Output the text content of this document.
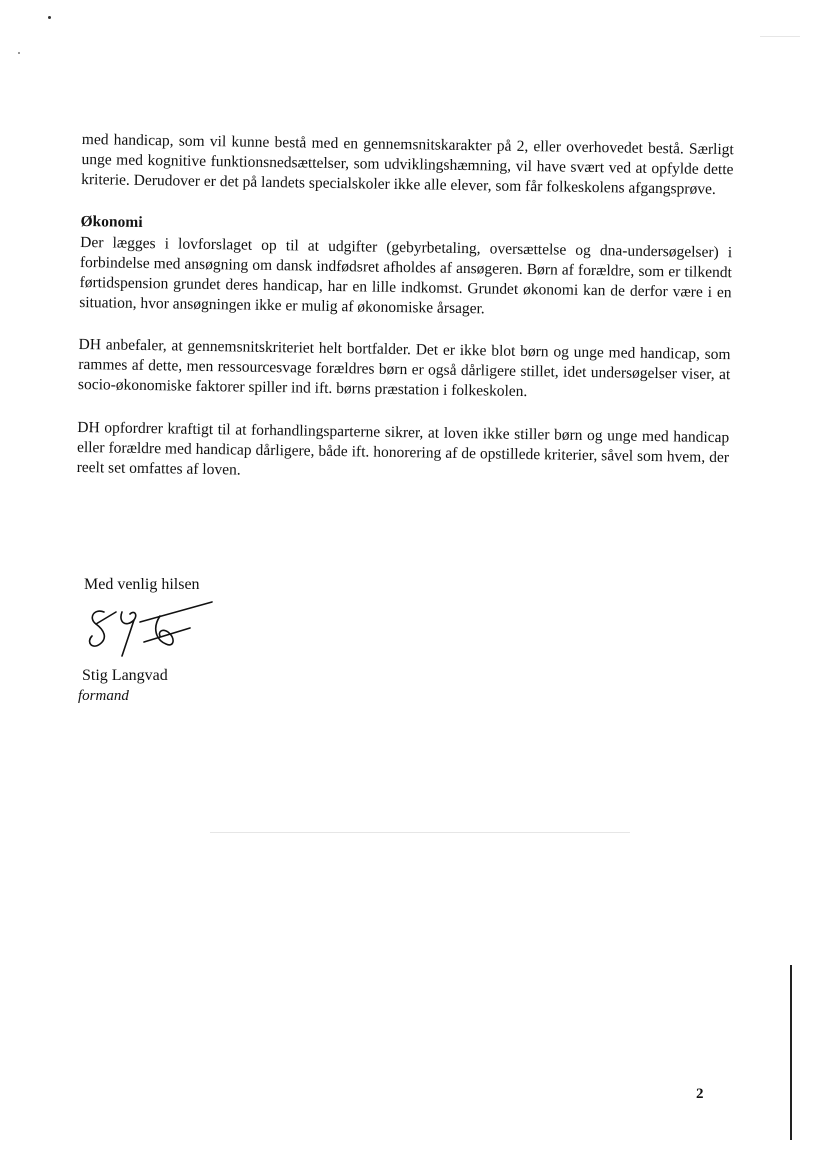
med handicap, som vil kunne bestå med en gennemsnitskarakter på 2, eller overhovedet bestå. Særligt unge med kognitive funktionsnedsættelser, som udviklingshæmning, vil have svært ved at opfylde dette kriterie. Derudover er det på landets specialskoler ikke alle elever, som får folkeskolens afgangsprøve.

Økonomi

Der lægges i lovforslaget op til at udgifter (gebyrbetaling, oversættelse og dna-undersøgelser) i forbindelse med ansøgning om dansk indfødsret afholdes af ansøgeren. Børn af forældre, som er tilkendt førtidspension grundet deres handicap, har en lille indkomst. Grundet økonomi kan de derfor være i en situation, hvor ansøgningen ikke er mulig af økonomiske årsager.

DH anbefaler, at gennemsnitskriteriet helt bortfalder. Det er ikke blot børn og unge med handicap, som rammes af dette, men ressourcesvage forældres børn er også dårligere stillet, idet undersøgelser viser, at socio-økonomiske faktorer spiller ind ift. børns præstation i folkeskolen.

DH opfordrer kraftigt til at forhandlingsparterne sikrer, at loven ikke stiller børn og unge med handicap eller forældre med handicap dårligere, både ift. honorering af de opstillede kriterier, såvel som hvem, der reelt set omfattes af loven.

Med venlig hilsen
Stig Langvad
formand
2
